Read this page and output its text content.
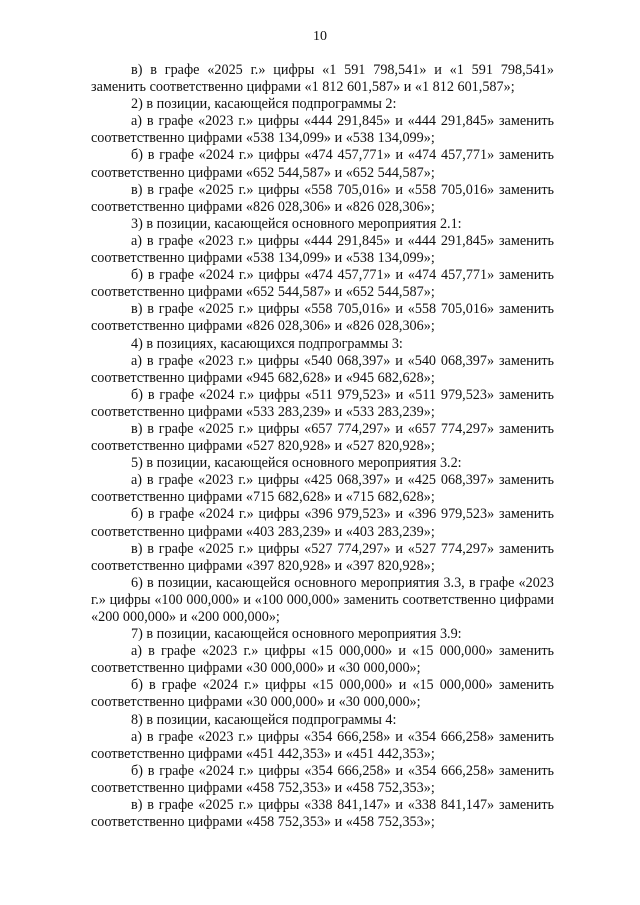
10

в) в графе «2025 г.» цифры «1 591 798,541» и «1 591 798,541» заменить соответственно цифрами «1 812 601,587» и «1 812 601,587»;

2) в позиции, касающейся подпрограммы 2:

а) в графе «2023 г.» цифры «444 291,845» и «444 291,845» заменить соответственно цифрами «538 134,099» и «538 134,099»;

б) в графе «2024 г.» цифры «474 457,771» и «474 457,771» заменить соответственно цифрами «652 544,587» и «652 544,587»;

в) в графе «2025 г.» цифры «558 705,016» и «558 705,016» заменить соответственно цифрами «826 028,306» и «826 028,306»;

3) в позиции, касающейся основного мероприятия 2.1:

а) в графе «2023 г.» цифры «444 291,845» и «444 291,845» заменить соответственно цифрами «538 134,099» и «538 134,099»;

б) в графе «2024 г.» цифры «474 457,771» и «474 457,771» заменить соответственно цифрами «652 544,587» и «652 544,587»;

в) в графе «2025 г.» цифры «558 705,016» и «558 705,016» заменить соответственно цифрами «826 028,306» и «826 028,306»;

4) в позициях, касающихся подпрограммы 3:

а) в графе «2023 г.» цифры «540 068,397» и «540 068,397» заменить соответственно цифрами «945 682,628» и «945 682,628»;

б) в графе «2024 г.» цифры «511 979,523» и «511 979,523» заменить соответственно цифрами «533 283,239» и «533 283,239»;

в) в графе «2025 г.» цифры «657 774,297» и «657 774,297» заменить соответственно цифрами «527 820,928» и «527 820,928»;

5) в позиции, касающейся основного мероприятия 3.2:

а) в графе «2023 г.» цифры «425 068,397» и «425 068,397» заменить соответственно цифрами «715 682,628» и «715 682,628»;

б) в графе «2024 г.» цифры «396 979,523» и «396 979,523» заменить соответственно цифрами «403 283,239» и «403 283,239»;

в) в графе «2025 г.» цифры «527 774,297» и «527 774,297» заменить соответственно цифрами «397 820,928» и «397 820,928»;

6) в позиции, касающейся основного мероприятия 3.3, в графе «2023 г.» цифры «100 000,000» и «100 000,000» заменить соответственно цифрами «200 000,000» и «200 000,000»;

7) в позиции, касающейся основного мероприятия 3.9:

а) в графе «2023 г.» цифры «15 000,000» и «15 000,000» заменить соответственно цифрами «30 000,000» и «30 000,000»;

б) в графе «2024 г.» цифры «15 000,000» и «15 000,000» заменить соответственно цифрами «30 000,000» и «30 000,000»;

8) в позиции, касающейся подпрограммы 4:

а) в графе «2023 г.» цифры «354 666,258» и «354 666,258» заменить соответственно цифрами «451 442,353» и «451 442,353»;

б) в графе «2024 г.» цифры «354 666,258» и «354 666,258» заменить соответственно цифрами «458 752,353» и «458 752,353»;

в) в графе «2025 г.» цифры «338 841,147» и «338 841,147» заменить соответственно цифрами «458 752,353» и «458 752,353»;
